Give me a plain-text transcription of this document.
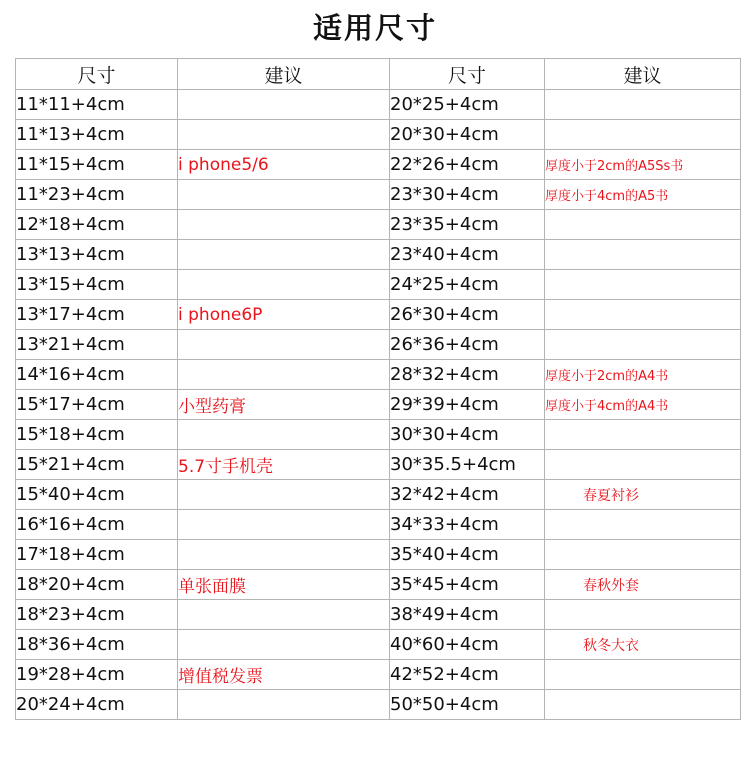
适用尺寸
尺寸	建议	尺寸	建议
11*11+4cm		20*25+4cm	
11*13+4cm		20*30+4cm	
11*15+4cm	i phone5/6	22*26+4cm	厚度小于2cm的A5Ss书
11*23+4cm		23*30+4cm	厚度小于4cm的A5书
12*18+4cm		23*35+4cm	
13*13+4cm		23*40+4cm	
13*15+4cm		24*25+4cm	
13*17+4cm	i phone6P	26*30+4cm	
13*21+4cm		26*36+4cm	
14*16+4cm		28*32+4cm	厚度小于2cm的A4书
15*17+4cm	小型药膏	29*39+4cm	厚度小于4cm的A4书
15*18+4cm		30*30+4cm	
15*21+4cm	5.7寸手机壳	30*35.5+4cm	
15*40+4cm		32*42+4cm	春夏衬衫
16*16+4cm		34*33+4cm	
17*18+4cm		35*40+4cm	
18*20+4cm	单张面膜	35*45+4cm	春秋外套
18*23+4cm		38*49+4cm	
18*36+4cm		40*60+4cm	秋冬大衣
19*28+4cm	增值税发票	42*52+4cm	
20*24+4cm		50*50+4cm	
